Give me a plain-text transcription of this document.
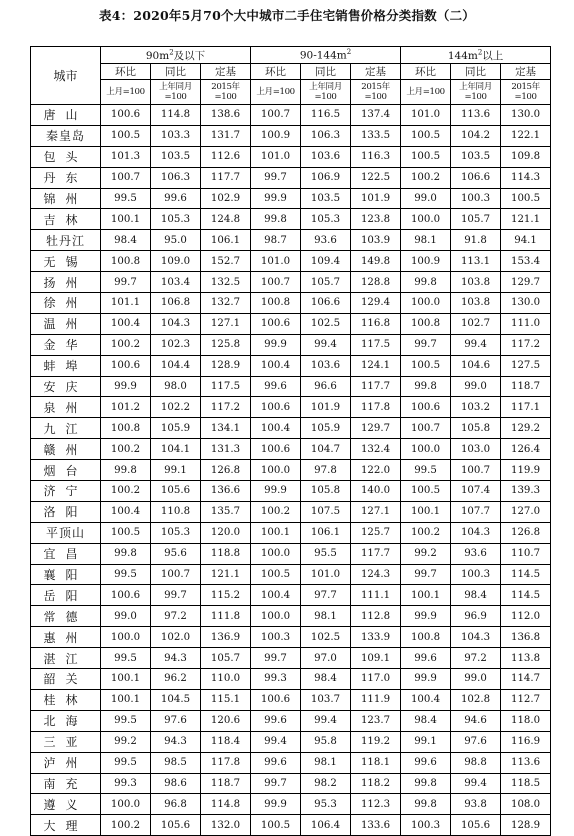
表4：2020年5月70个大中城市二手住宅销售价格分类指数（二）
城市	$90m^2$及以下			$90-144m^2$			$144m^2$以上		
	环比	同比	定基	环比	同比	定基	环比	同比	定基
	上月=100	上年同月=100	2015年=100	上月=100	上年同月=100	2015年=100	上月=100	上年同月=100	2015年=100
唐山	100.6	114.8	138.6	100.7	116.5	137.4	101.0	113.6	130.0
秦皇岛	100.5	103.3	131.7	100.9	106.3	133.5	100.5	104.2	122.1
包头	101.3	103.5	112.6	101.0	103.6	116.3	100.5	103.5	109.8
丹东	100.7	106.3	117.7	99.7	106.9	122.5	100.2	106.6	114.3
锦州	99.5	99.6	102.9	99.9	103.5	101.9	99.0	100.3	100.5
吉林	100.1	105.3	124.8	99.8	105.3	123.8	100.0	105.7	121.1
牡丹江	98.4	95.0	106.1	98.7	93.6	103.9	98.1	91.8	94.1
无锡	100.8	109.0	152.7	101.0	109.4	149.8	100.9	113.1	153.4
扬州	99.7	103.4	132.5	100.7	105.7	128.8	99.8	103.8	129.7
徐州	101.1	106.8	132.7	100.8	106.6	129.4	100.0	103.8	130.0
温州	100.4	104.3	127.1	100.6	102.5	116.8	100.8	102.7	111.0
金华	100.2	102.3	125.8	99.9	99.4	117.5	99.7	99.4	117.2
蚌埠	100.6	104.4	128.9	100.4	103.6	124.1	100.5	104.6	127.5
安庆	99.9	98.0	117.5	99.6	96.6	117.7	99.8	99.0	118.7
泉州	101.2	102.2	117.2	100.6	101.9	117.8	100.6	103.2	117.1
九江	100.8	105.9	134.1	100.4	105.9	129.7	100.7	105.8	129.2
赣州	100.2	104.1	131.3	100.6	104.7	132.4	100.0	103.0	126.4
烟台	99.8	99.1	126.8	100.0	97.8	122.0	99.5	100.7	119.9
济宁	100.2	105.6	136.6	99.9	105.8	140.0	100.5	107.4	139.3
洛阳	100.4	110.8	135.7	100.2	107.5	127.1	100.1	107.7	127.0
平顶山	100.5	105.3	120.0	100.1	106.1	125.7	100.2	104.3	126.8
宜昌	99.8	95.6	118.8	100.0	95.5	117.7	99.2	93.6	110.7
襄阳	99.5	100.7	121.1	100.5	101.0	124.3	99.7	100.3	114.5
岳阳	100.6	99.7	115.2	100.4	97.7	111.1	100.1	98.4	114.5
常德	99.0	97.2	111.8	100.0	98.1	112.8	99.9	96.9	112.0
惠州	100.0	102.0	136.9	100.3	102.5	133.9	100.8	104.3	136.8
湛江	99.5	94.3	105.7	99.7	97.0	109.1	99.6	97.2	113.8
韶关	100.1	96.2	110.0	99.3	98.4	117.0	99.9	99.0	114.7
桂林	100.1	104.5	115.1	100.6	103.7	111.9	100.4	102.8	112.7
北海	99.5	97.6	120.6	99.6	99.4	123.7	98.4	94.6	118.0
三亚	99.2	94.3	118.4	99.4	95.8	119.2	99.1	97.6	116.9
泸州	99.5	98.5	117.8	99.6	98.1	118.1	99.6	98.8	113.6
南充	99.3	98.6	118.7	99.7	98.2	118.2	99.8	99.4	118.5
遵义	100.0	96.8	114.8	99.9	95.3	112.3	99.8	93.8	108.0
大理	100.2	105.6	132.0	100.5	106.4	133.6	100.3	105.6	128.9
